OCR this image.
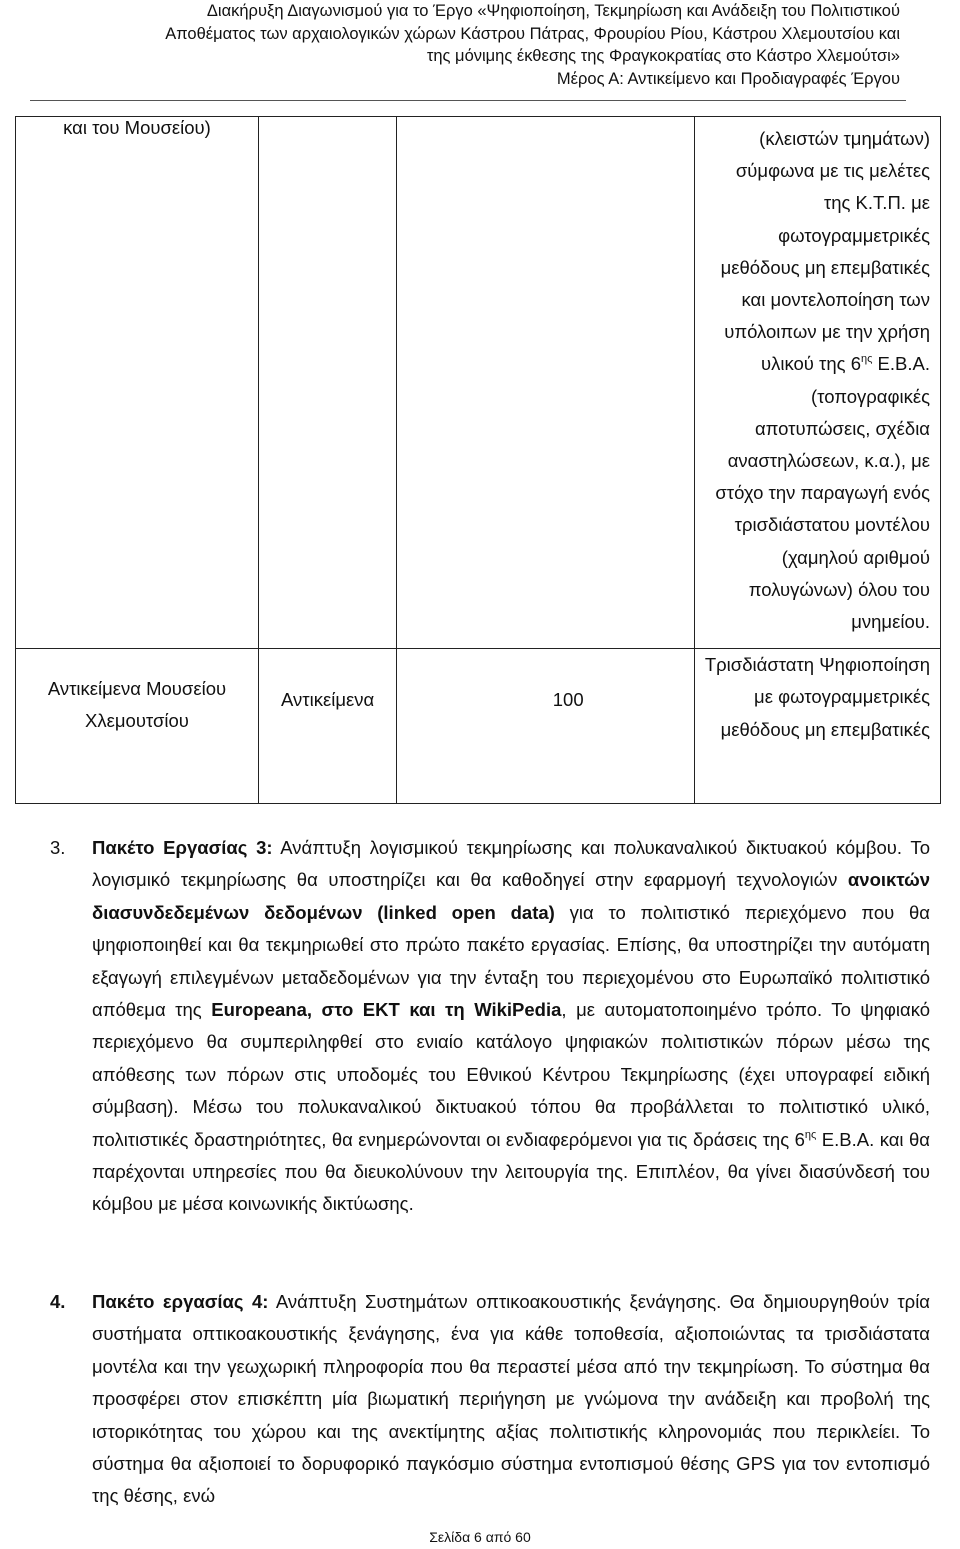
Διακήρυξη Διαγωνισμού για το Έργο «Ψηφιοποίηση, Τεκμηρίωση και Ανάδειξη του Πολιτιστικού
Αποθέματος των αρχαιολογικών χώρων Κάστρου Πάτρας, Φρουρίου Ρίου, Κάστρου Χλεμουτσίου και
της μόνιμης έκθεσης της Φραγκοκρατίας στο Κάστρο Χλεμούτσι»
Μέρος Α: Αντικείμενο και Προδιαγραφές Έργου
και του Μουσείου)			(κλειστών τμημάτων) σύμφωνα με τις μελέτες της Κ.Τ.Π. με φωτογραμμετρικές μεθόδους μη επεμβατικές και μοντελοποίηση των υπόλοιπων με την χρήση υλικού της $6^{\eta\varsigma}$ Ε.Β.Α. (τοπογραφικές αποτυπώσεις, σχέδια αναστηλώσεων, κ.α.), με στόχο την παραγωγή ενός τρισδιάστατου μοντέλου (χαμηλού αριθμού πολυγώνων) όλου του μνημείου.
Αντικείμενα Μουσείου Χλεμουτσίου	Αντικείμενα	100	Τρισδιάστατη Ψηφιοποίηση με φωτογραμμετρικές μεθόδους μη επεμβατικές
3. Πακέτο Εργασίας 3: Ανάπτυξη λογισμικού τεκμηρίωσης και πολυκαναλικού δικτυακού κόμβου. Το λογισμικό τεκμηρίωσης θα υποστηρίζει και θα καθοδηγεί στην εφαρμογή τεχνολογιών ανοικτών διασυνδεδεμένων δεδομένων (linked open data) για το πολιτιστικό περιεχόμενο που θα ψηφιοποιηθεί και θα τεκμηριωθεί στο πρώτο πακέτο εργασίας. Επίσης, θα υποστηρίζει την αυτόματη εξαγωγή επιλεγμένων μεταδεδομένων για την ένταξη του περιεχομένου στο Ευρωπαϊκό πολιτιστικό απόθεμα της Europeana, στο ΕΚΤ και τη WikiPedia, με αυτοματοποιημένο τρόπο. Το ψηφιακό περιεχόμενο θα συμπεριληφθεί στο ενιαίο κατάλογο ψηφιακών πολιτιστικών πόρων μέσω της απόθεσης των πόρων στις υποδομές του Εθνικού Κέντρου Τεκμηρίωσης (έχει υπογραφεί ειδική σύμβαση). Μέσω του πολυκαναλικού δικτυακού τόπου θα προβάλλεται το πολιτιστικό υλικό, πολιτιστικές δραστηριότητες, θα ενημερώνονται οι ενδιαφερόμενοι για τις δράσεις της $6^{\eta\varsigma}$ Ε.Β.Α. και θα παρέχονται υπηρεσίες που θα διευκολύνουν την λειτουργία της. Επιπλέον, θα γίνει διασύνδεσή του κόμβου με μέσα κοινωνικής δικτύωσης.
4. Πακέτο εργασίας 4: Ανάπτυξη Συστημάτων οπτικοακουστικής ξενάγησης. Θα δημιουργηθούν τρία συστήματα οπτικοακουστικής ξενάγησης, ένα για κάθε τοποθεσία, αξιοποιώντας τα τρισδιάστατα μοντέλα και την γεωχωρική πληροφορία που θα περαστεί μέσα από την τεκμηρίωση. Το σύστημα θα προσφέρει στον επισκέπτη μία βιωματική περιήγηση με γνώμονα την ανάδειξη και προβολή της ιστορικότητας του χώρου και της ανεκτίμητης αξίας πολιτιστικής κληρονομιάς που περικλείει. Το σύστημα θα αξιοποιεί το δορυφορικό παγκόσμιο σύστημα εντοπισμού θέσης GPS για τον εντοπισμό της θέσης, ενώ
Σελίδα 6 από 60
